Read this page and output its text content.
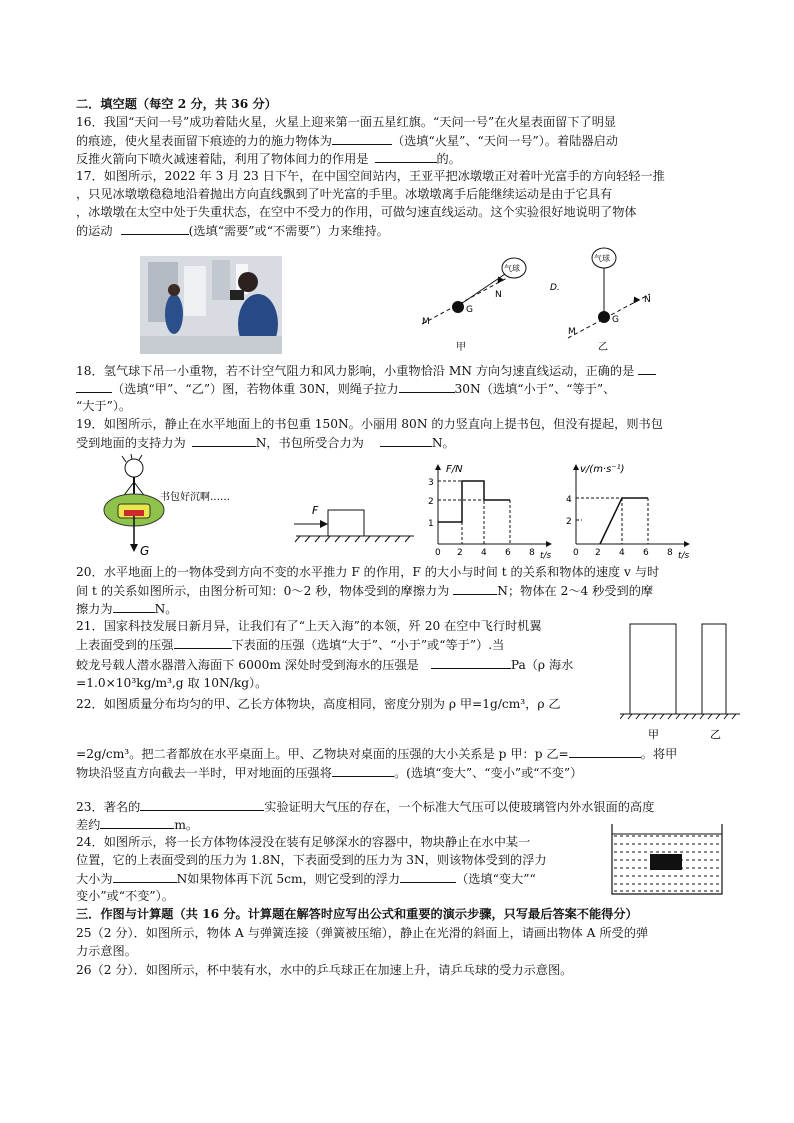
二．填空题（每空 2 分，共 36 分）
16．我国“天问一号”成功着陆火星，火星上迎来第一面五星红旗。“天问一号”在火星表面留下了明显
的痕迹，使火星表面留下痕迹的力的施力物体为	（选填“火星”、“天问一号”）。着陆器启动
反推火箭向下喷火减速着陆，利用了物体间力的作用是	的。
17．如图所示，2022 年 3 月 23 日下午，在中国空间站内，王亚平把冰墩墩正对着叶光富手的方向轻轻一推
，只见冰墩墩稳稳地沿着抛出方向直线飘到了叶光富的手里。冰墩墩离手后能继续运动是由于它具有
，冰墩墩在太空中处于失重状态，在空中不受力的作用，可做匀速直线运动。这个实验很好地说明了物体
的运动	(选填“需要”或“不需要”）力来维持。
气球
N
M
G
甲
D.
气球
N
M
G
乙
18．氢气球下吊一小重物，若不计空气阻力和风力影响，小重物恰沿 MN 方向匀速直线运动，正确的是
（选填“甲”、“乙”）图，若物体重 30N，则绳子拉力	30N（选填“小于”、“等于”、
“大于”）。
19．如图所示，静止在水平地面上的书包重 150N。小丽用 80N 的力竖直向上提书包，但没有提起，则书包
受到地面的支持力为	N，书包所受合力为	N。
G
书包好沉啊……
F
F/N
t/s
1
2
3
0 2 4 6 8
v/(m·s⁻¹)
t/s
2
4
0 2 4 6 8
20．水平地面上的一物体受到方向不变的水平推力 F 的作用，F 的大小与时间 t 的关系和物体的速度 v 与时
间 t 的关系如图所示，由图分析可知：0～2 秒，物体受到的摩擦力为	N；物体在 2～4 秒受到的摩
擦力为	N。
21．国家科技发展日新月异，让我们有了“上天入海”的本领，歼 20 在空中飞行时机翼
上表面受到的压强	下表面的压强（选填“大于”、“小于”或“等于”）.当
蛟龙号载人潜水器潜入海面下 6000m 深处时受到海水的压强是	Pa（ρ 海水
=1.0×10³kg/m³,g 取 10N/kg）。
22．如图质量分布均匀的甲、乙长方体物块，高度相同，密度分别为 ρ 甲=1g/cm³，ρ 乙
甲	乙
=2g/cm³。把二者都放在水平桌面上。甲、乙物块对桌面的压强的大小关系是 p 甲：p 乙=	。将甲
物块沿竖直方向截去一半时，甲对地面的压强将	。(选填“变大”、“变小”或“不变”）
23．著名的	实验证明大气压的存在，一个标准大气压可以使玻璃管内外水银面的高度
差约	m。
24．如图所示，将一长方体物体浸没在装有足够深水的容器中，物块静止在水中某一
位置，它的上表面受到的压力为 1.8N，下表面受到的压力为 3N，则该物体受到的浮力
大小为	N如果物体再下沉 5cm，则它受到的浮力	（选填“变大”“
变小”或“不变”）。
三．作图与计算题（共 16 分。计算题在解答时应写出公式和重要的演示步骤，只写最后答案不能得分）
25（2 分）．如图所示，物体 A 与弹簧连接（弹簧被压缩），静止在光滑的斜面上，请画出物体 A 所受的弹
力示意图。
26（2 分）．如图所示，杯中装有水，水中的乒乓球正在加速上升，请乒乓球的受力示意图。
